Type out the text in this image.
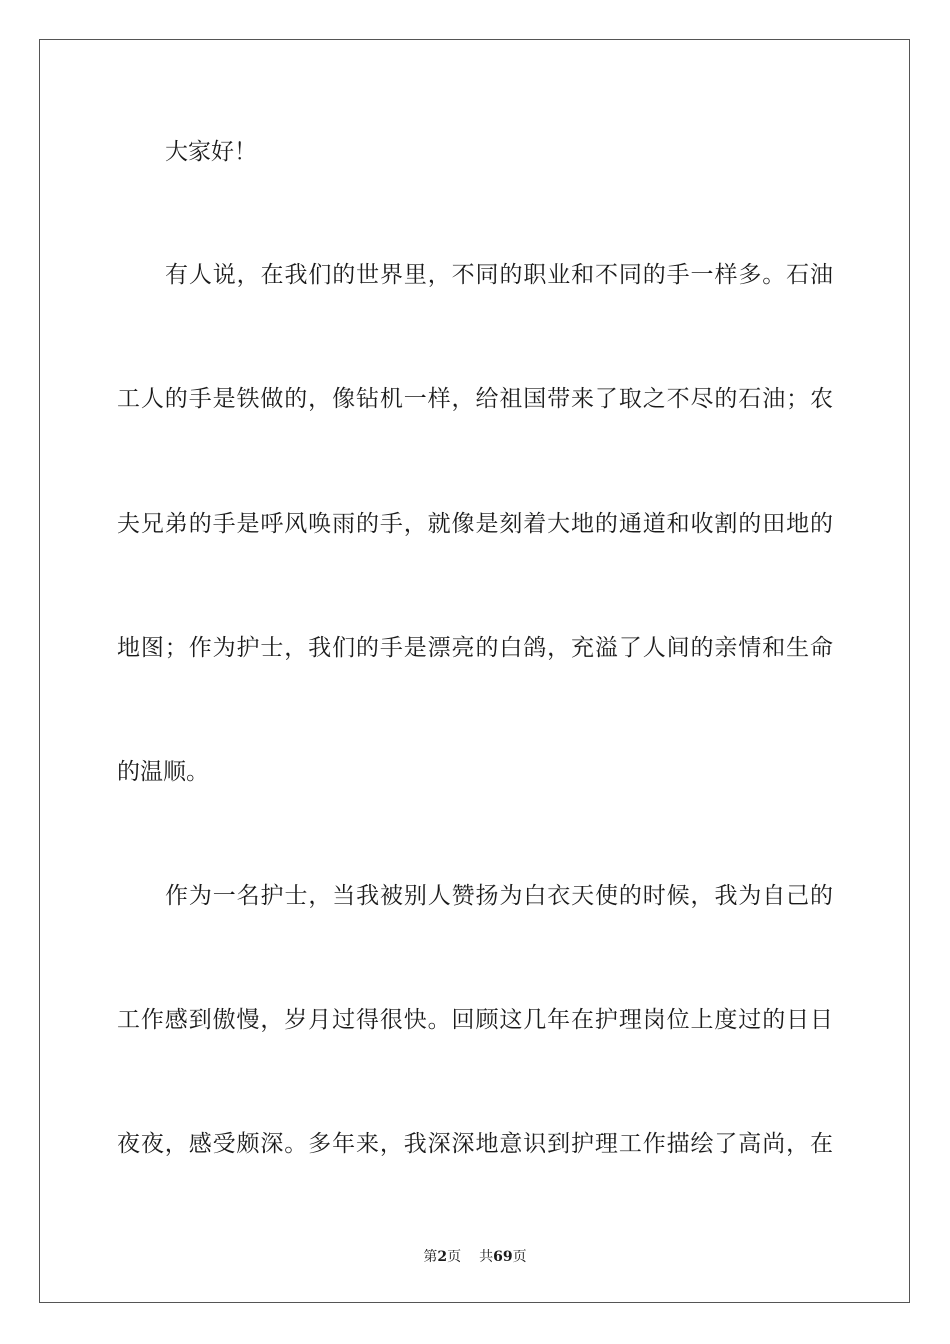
大家好！
有人说，在我们的世界里，不同的职业和不同的手一样多。石油
工人的手是铁做的，像钻机一样，给祖国带来了取之不尽的石油；农
夫兄弟的手是呼风唤雨的手，就像是刻着大地的通道和收割的田地的
地图；作为护士，我们的手是漂亮的白鸽，充溢了人间的亲情和生命
的温顺。
作为一名护士，当我被别人赞扬为白衣天使的时候，我为自己的
工作感到傲慢，岁月过得很快。回顾这几年在护理岗位上度过的日日
夜夜，感受颇深。多年来，我深深地意识到护理工作描绘了高尚，在
第2页 共69页
